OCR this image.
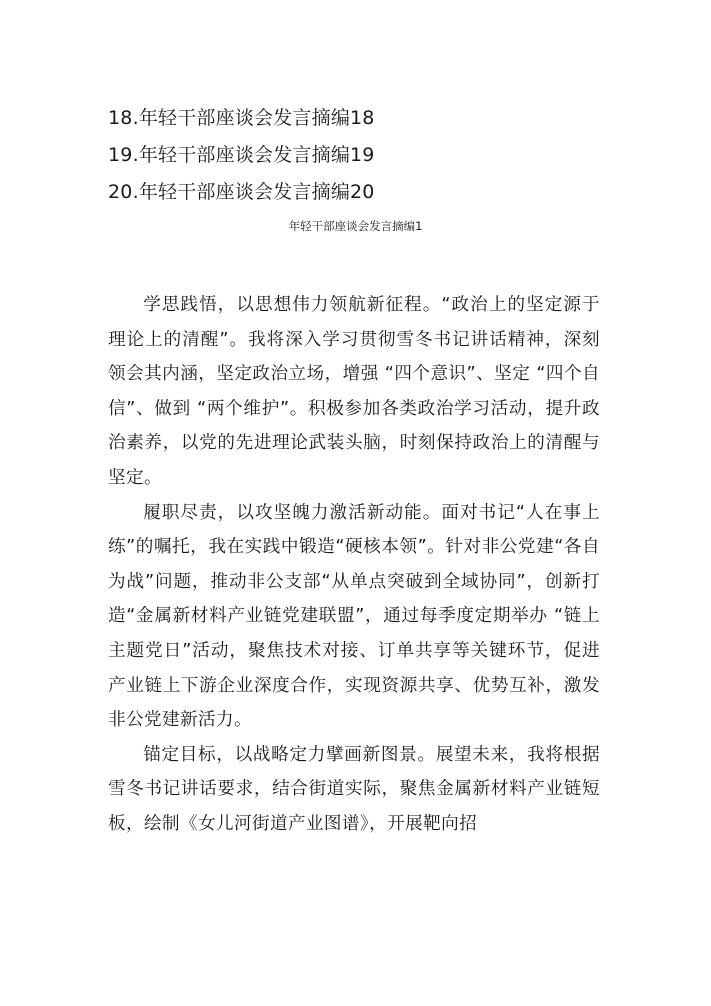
18.年轻干部座谈会发言摘编18
19.年轻干部座谈会发言摘编19
20.年轻干部座谈会发言摘编20
年轻干部座谈会发言摘编1

学思践悟，以思想伟力领航新征程。“政治上的坚定源于理论上的清醒”。我将深入学习贯彻雪冬书记讲话精神，深刻领会其内涵，坚定政治立场，增强 “四个意识”、坚定 “四个自信”、做到 “两个维护”。积极参加各类政治学习活动，提升政治素养，以党的先进理论武装头脑，时刻保持政治上的清醒与坚定。

履职尽责，以攻坚魄力激活新动能。面对书记“人在事上练”的嘱托，我在实践中锻造“硬核本领”。针对非公党建“各自为战”问题，推动非公支部“从单点突破到全域协同”，创新打造“金属新材料产业链党建联盟”，通过每季度定期举办 “链上主题党日”活动，聚焦技术对接、订单共享等关键环节，促进产业链上下游企业深度合作，实现资源共享、优势互补，激发非公党建新活力。

锚定目标，以战略定力擘画新图景。展望未来，我将根据雪冬书记讲话要求，结合街道实际，聚焦金属新材料产业链短板，绘制《女儿河街道产业图谱》，开展靶向招
